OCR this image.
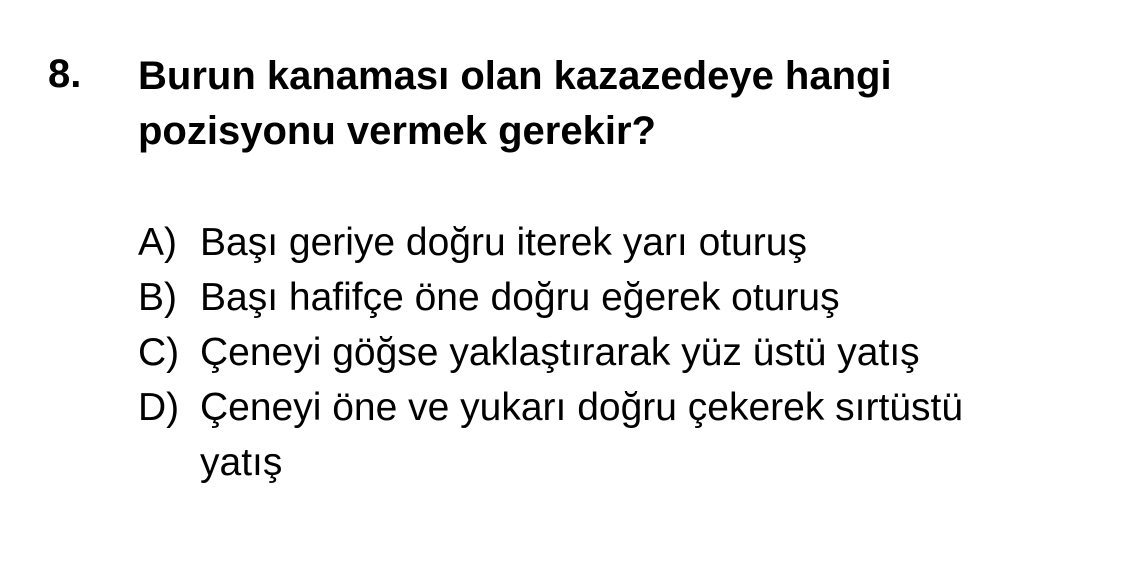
8. Burun kanaması olan kazazedeye hangi pozisyonu vermek gerekir?

A) Başı geriye doğru iterek yarı oturuş
B) Başı hafifçe öne doğru eğerek oturuş
C) Çeneyi göğse yaklaştırarak yüz üstü yatış
D) Çeneyi öne ve yukarı doğru çekerek sırtüstü yatış
